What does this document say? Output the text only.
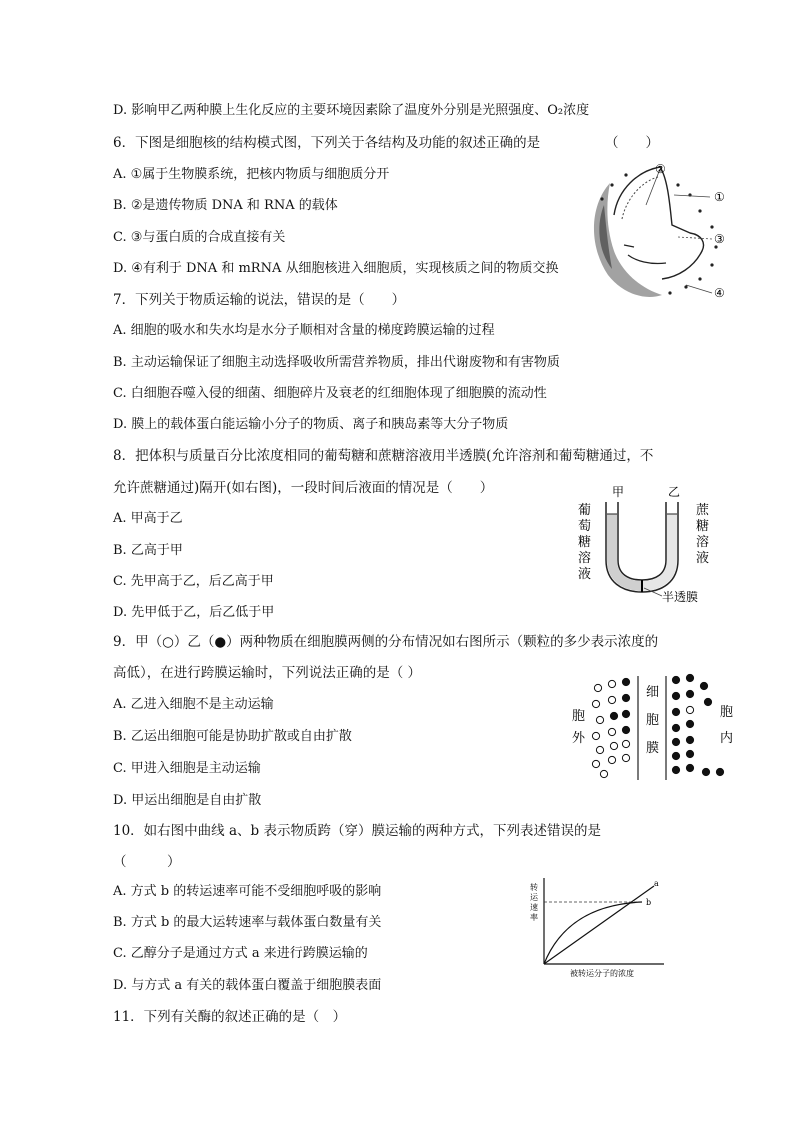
D. 影响甲乙两种膜上生化反应的主要环境因素除了温度外分别是光照强度、O₂浓度
6．下图是细胞核的结构模式图，下列关于各结构及功能的叙述正确的是	（　　）
A. ①属于生物膜系统，把核内物质与细胞质分开
B. ②是遗传物质 DNA 和 RNA 的载体
C. ③与蛋白质的合成直接有关
D. ④有利于 DNA 和 mRNA 从细胞核进入细胞质，实现核质之间的物质交换
7．下列关于物质运输的说法，错误的是（　　）
A. 细胞的吸水和失水均是水分子顺相对含量的梯度跨膜运输的过程
B. 主动运输保证了细胞主动选择吸收所需营养物质，排出代谢废物和有害物质
C. 白细胞吞噬入侵的细菌、细胞碎片及衰老的红细胞体现了细胞膜的流动性
D. 膜上的载体蛋白能运输小分子的物质、离子和胰岛素等大分子物质
8．把体积与质量百分比浓度相同的葡萄糖和蔗糖溶液用半透膜(允许溶剂和葡萄糖通过，不
允许蔗糖通过)隔开(如右图)，一段时间后液面的情况是（　　）
A. 甲高于乙
B. 乙高于甲
C. 先甲高于乙，后乙高于甲
D. 先甲低于乙，后乙低于甲
9．甲（○）乙（●）两种物质在细胞膜两侧的分布情况如右图所示（颗粒的多少表示浓度的
高低），在进行跨膜运输时，下列说法正确的是（ ）
A. 乙进入细胞不是主动运输
B. 乙运出细胞可能是协助扩散或自由扩散
C. 甲进入细胞是主动运输
D. 甲运出细胞是自由扩散
10．如右图中曲线 a、b 表示物质跨（穿）膜运输的两种方式，下列表述错误的是
（　　　）
A. 方式 b 的转运速率可能不受细胞呼吸的影响
B. 方式 b 的最大运转速率与载体蛋白数量有关
C. 乙醇分子是通过方式 a 来进行跨膜运输的
D. 与方式 a 有关的载体蛋白覆盖于细胞膜表面
11．下列有关酶的叙述正确的是（　）
②
①
③
④
甲	乙
葡 萄 糖 溶 液
蔗 糖 溶 液
半透膜
胞 外
细 胞 膜
胞 内
转 运 速 率
a
b
被转运分子的浓度
